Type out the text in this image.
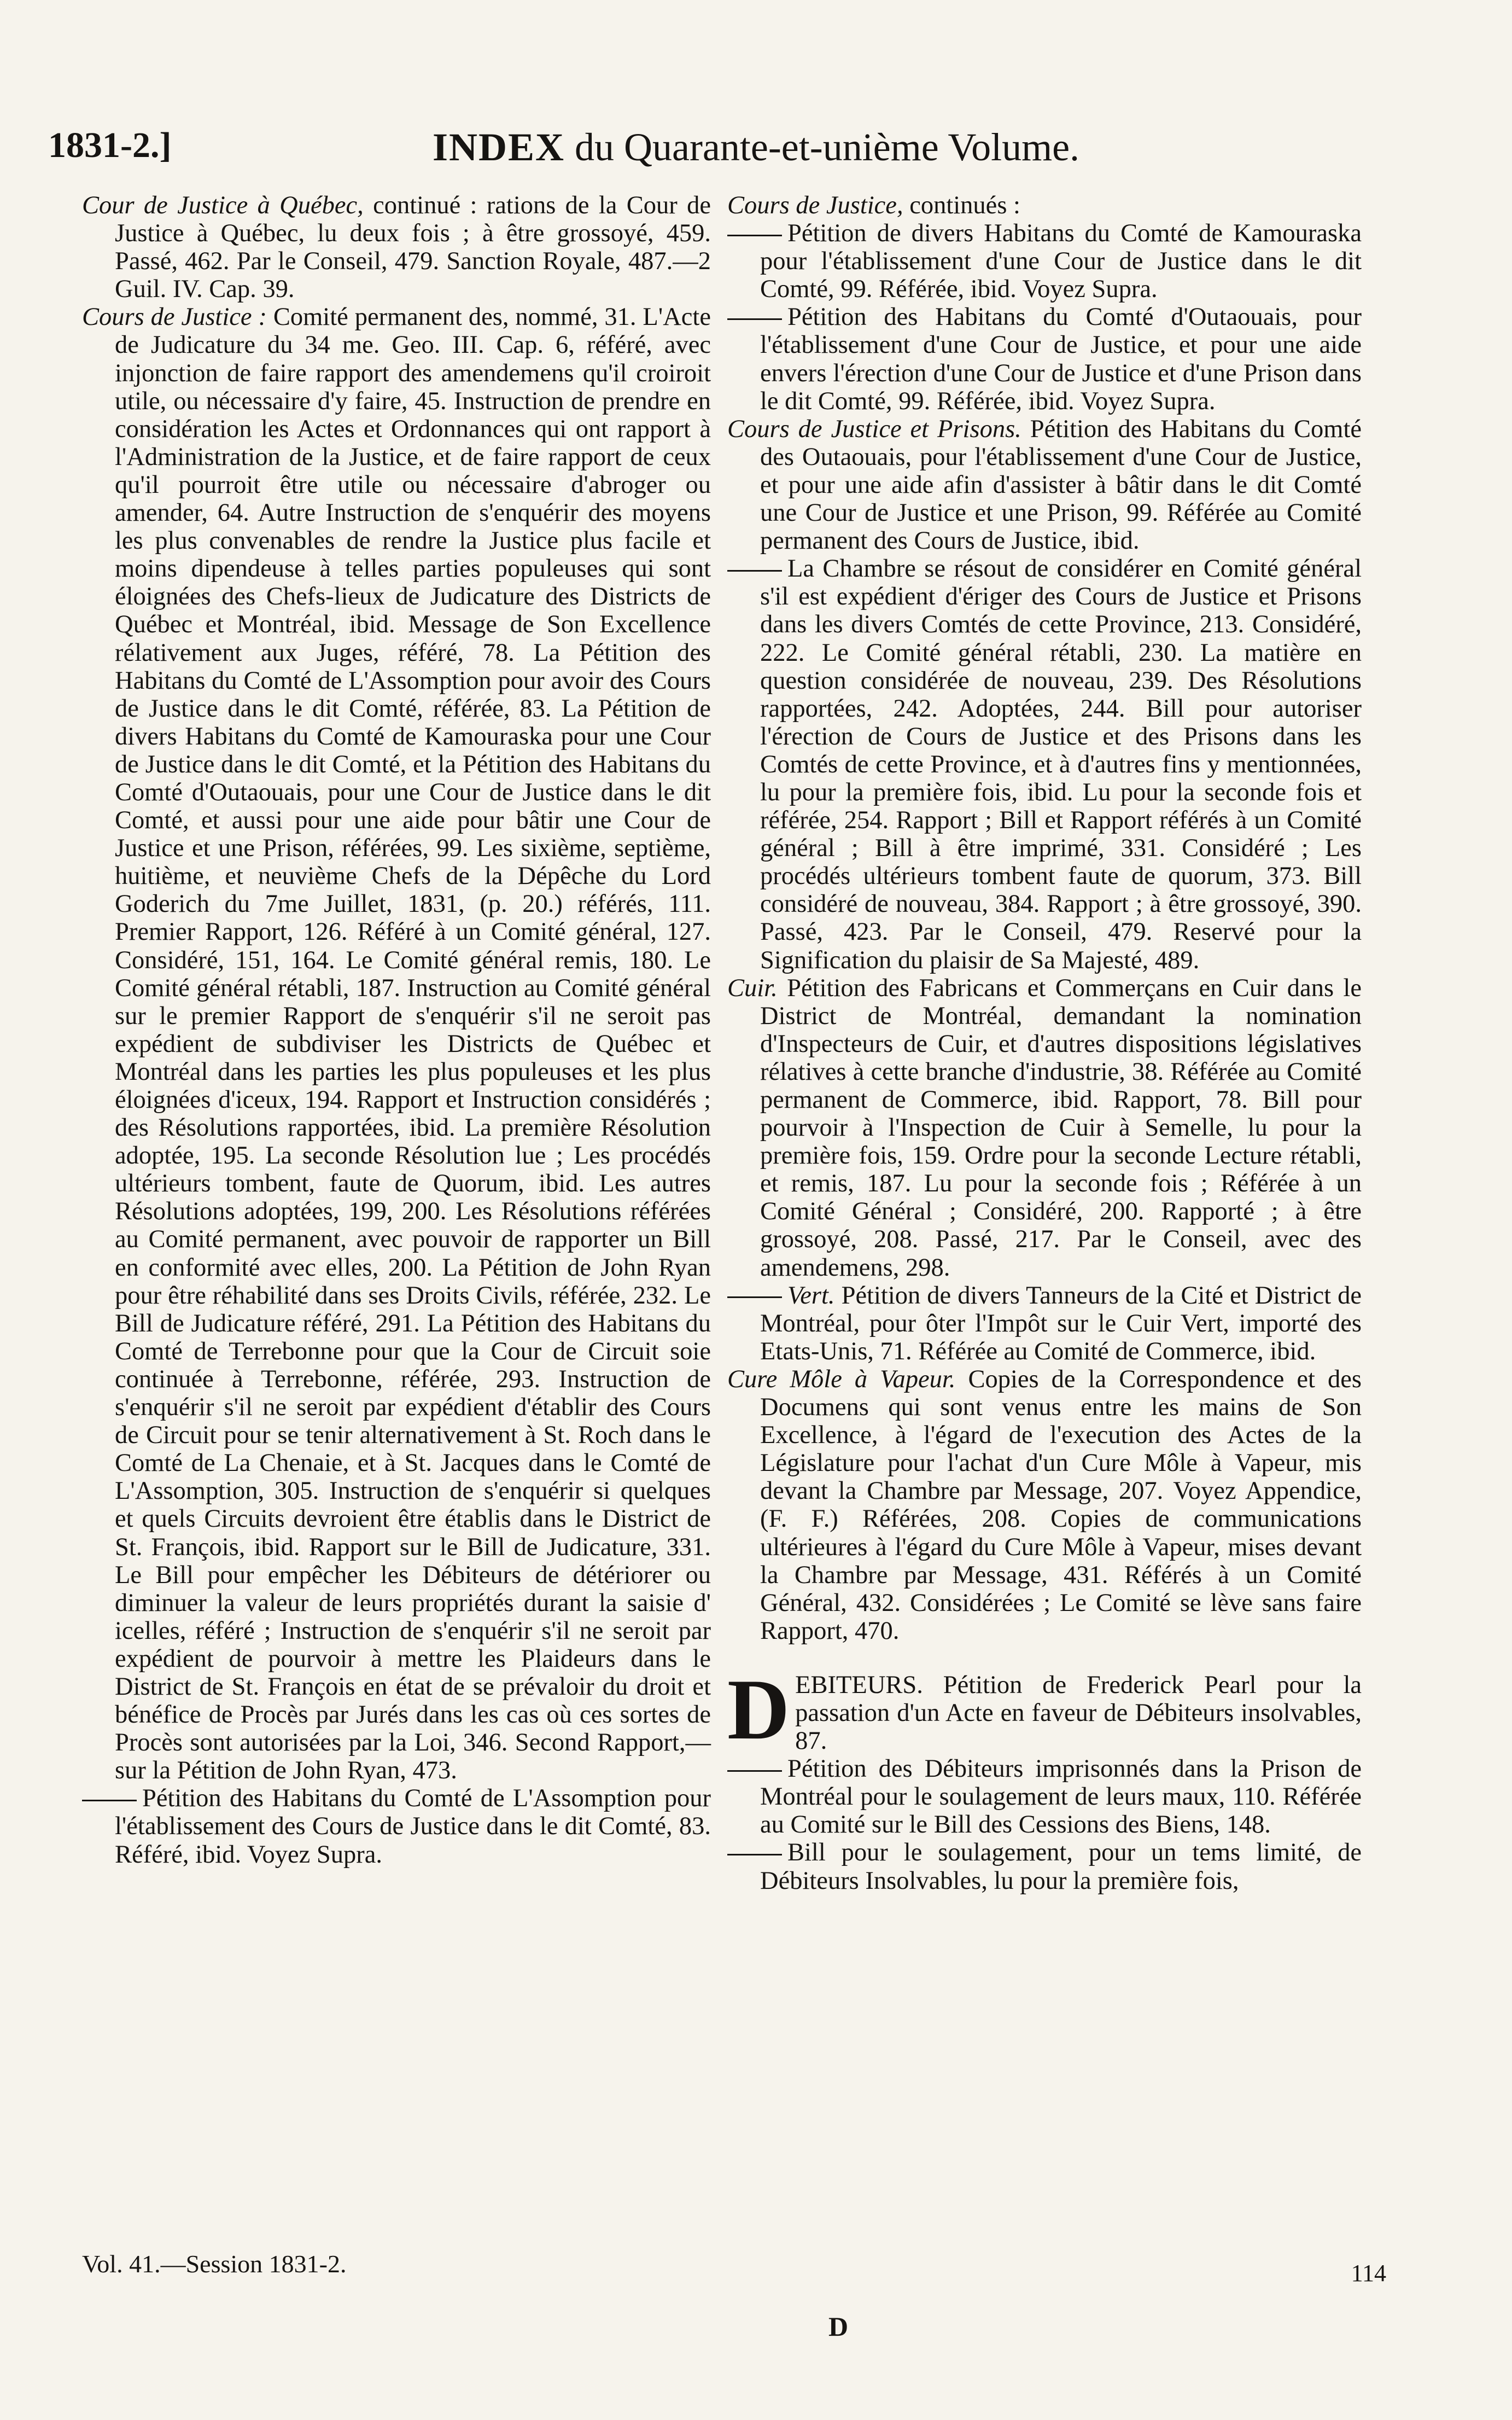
1831-2.]	INDEX du Quarante-et-unième Volume.

Cour de Justice à Québec, continué : rations de la Cour de Justice à Québec, lu deux fois ; à être grossoyé, 459. Passé, 462. Par le Conseil, 479. Sanction Royale, 487.—2 Guil. IV. Cap. 39.

Cours de Justice : Comité permanent des, nommé, 31. L'Acte de Judicature du 34 me. Geo. III. Cap. 6, référé, avec injonction de faire rapport des amendemens qu'il croiroit utile, ou nécessaire d'y faire, 45. Instruction de prendre en considération les Actes et Ordonnances qui ont rapport à l'Administration de la Justice, et de faire rapport de ceux qu'il pourroit être utile ou nécessaire d'abroger ou amender, 64. Autre Instruction de s'enquérir des moyens les plus convenables de rendre la Justice plus facile et moins dipendeuse à telles parties populeuses qui sont éloignées des Chefs-lieux de Judicature des Districts de Québec et Montréal, ibid. Message de Son Excellence rélativement aux Juges, référé, 78. La Pétition des Habitans du Comté de L'Assomption pour avoir des Cours de Justice dans le dit Comté, référée, 83. La Pétition de divers Habitans du Comté de Kamouraska pour une Cour de Justice dans le dit Comté, et la Pétition des Habitans du Comté d'Outaouais, pour une Cour de Justice dans le dit Comté, et aussi pour une aide pour bâtir une Cour de Justice et une Prison, référées, 99. Les sixième, septième, huitième, et neuvième Chefs de la Dépêche du Lord Goderich du 7me Juillet, 1831, (p. 20.) référés, 111. Premier Rapport, 126. Référé à un Comité général, 127. Considéré, 151, 164. Le Comité général remis, 180. Le Comité général rétabli, 187. Instruction au Comité général sur le premier Rapport de s'enquérir s'il ne seroit pas expédient de subdiviser les Districts de Québec et Montréal dans les parties les plus populeuses et les plus éloignées d'iceux, 194. Rapport et Instruction considérés ; des Résolutions rapportées, ibid. La première Résolution adoptée, 195. La seconde Résolution lue ; Les procédés ultérieurs tombent, faute de Quorum, ibid. Les autres Résolutions adoptées, 199, 200. Les Résolutions référées au Comité permanent, avec pouvoir de rapporter un Bill en conformité avec elles, 200. La Pétition de John Ryan pour être réhabilité dans ses Droits Civils, référée, 232. Le Bill de Judicature référé, 291. La Pétition des Habitans du Comté de Terrebonne pour que la Cour de Circuit soie continuée à Terrebonne, référée, 293. Instruction de s'enquérir s'il ne seroit par expédient d'établir des Cours de Circuit pour se tenir alternativement à St. Roch dans le Comté de La Chenaie, et à St. Jacques dans le Comté de L'Assomption, 305. Instruction de s'enquérir si quelques et quels Circuits devroient être établis dans le District de St. François, ibid. Rapport sur le Bill de Judicature, 331. Le Bill pour empêcher les Débiteurs de détériorer ou diminuer la valeur de leurs propriétés durant la saisie d' icelles, référé ; Instruction de s'enquérir s'il ne seroit par expédient de pourvoir à mettre les Plaideurs dans le District de St. François en état de se prévaloir du droit et bénéfice de Procès par Jurés dans les cas où ces sortes de Procès sont autorisées par la Loi, 346. Second Rapport,—sur la Pétition de John Ryan, 473.

Pétition des Habitans du Comté de L'Assomption pour l'établissement des Cours de Justice dans le dit Comté, 83. Référé, ibid. Voyez Supra.

Cours de Justice, continués :

Pétition de divers Habitans du Comté de Kamouraska pour l'établissement d'une Cour de Justice dans le dit Comté, 99. Référée, ibid. Voyez Supra.

Pétition des Habitans du Comté d'Outaouais, pour l'établissement d'une Cour de Justice, et pour une aide envers l'érection d'une Cour de Justice et d'une Prison dans le dit Comté, 99. Référée, ibid. Voyez Supra.

Cours de Justice et Prisons. Pétition des Habitans du Comté des Outaouais, pour l'établissement d'une Cour de Justice, et pour une aide afin d'assister à bâtir dans le dit Comté une Cour de Justice et une Prison, 99. Référée au Comité permanent des Cours de Justice, ibid.

La Chambre se résout de considérer en Comité général s'il est expédient d'ériger des Cours de Justice et Prisons dans les divers Comtés de cette Province, 213. Considéré, 222. Le Comité général rétabli, 230. La matière en question considérée de nouveau, 239. Des Résolutions rapportées, 242. Adoptées, 244. Bill pour autoriser l'érection de Cours de Justice et des Prisons dans les Comtés de cette Province, et à d'autres fins y mentionnées, lu pour la première fois, ibid. Lu pour la seconde fois et référée, 254. Rapport ; Bill et Rapport référés à un Comité général ; Bill à être imprimé, 331. Considéré ; Les procédés ultérieurs tombent faute de quorum, 373. Bill considéré de nouveau, 384. Rapport ; à être grossoyé, 390. Passé, 423. Par le Conseil, 479. Reservé pour la Signification du plaisir de Sa Majesté, 489.

Cuir. Pétition des Fabricans et Commerçans en Cuir dans le District de Montréal, demandant la nomination d'Inspecteurs de Cuir, et d'autres dispositions législatives rélatives à cette branche d'industrie, 38. Référée au Comité permanent de Commerce, ibid. Rapport, 78. Bill pour pourvoir à l'Inspection de Cuir à Semelle, lu pour la première fois, 159. Ordre pour la seconde Lecture rétabli, et remis, 187. Lu pour la seconde fois ; Référée à un Comité Général ; Considéré, 200. Rapporté ; à être grossoyé, 208. Passé, 217. Par le Conseil, avec des amendemens, 298.

Vert. Pétition de divers Tanneurs de la Cité et District de Montréal, pour ôter l'Impôt sur le Cuir Vert, importé des Etats-Unis, 71. Référée au Comité de Commerce, ibid.

Cure Môle à Vapeur. Copies de la Correspondence et des Documens qui sont venus entre les mains de Son Excellence, à l'égard de l'execution des Actes de la Législature pour l'achat d'un Cure Môle à Vapeur, mis devant la Chambre par Message, 207. Voyez Appendice, (F. F.) Référées, 208. Copies de communications ultérieures à l'égard du Cure Môle à Vapeur, mises devant la Chambre par Message, 431. Référés à un Comité Général, 432. Considérées ; Le Comité se lève sans faire Rapport, 470.

DEBITEURS. Pétition de Frederick Pearl pour la passation d'un Acte en faveur de Débiteurs insolvables, 87.

Pétition des Débiteurs imprisonnés dans la Prison de Montréal pour le soulagement de leurs maux, 110. Référée au Comité sur le Bill des Cessions des Biens, 148.

Bill pour le soulagement, pour un tems limité, de Débiteurs Insolvables, lu pour la première fois,

Vol. 41.—Session 1831-2.	114
D
